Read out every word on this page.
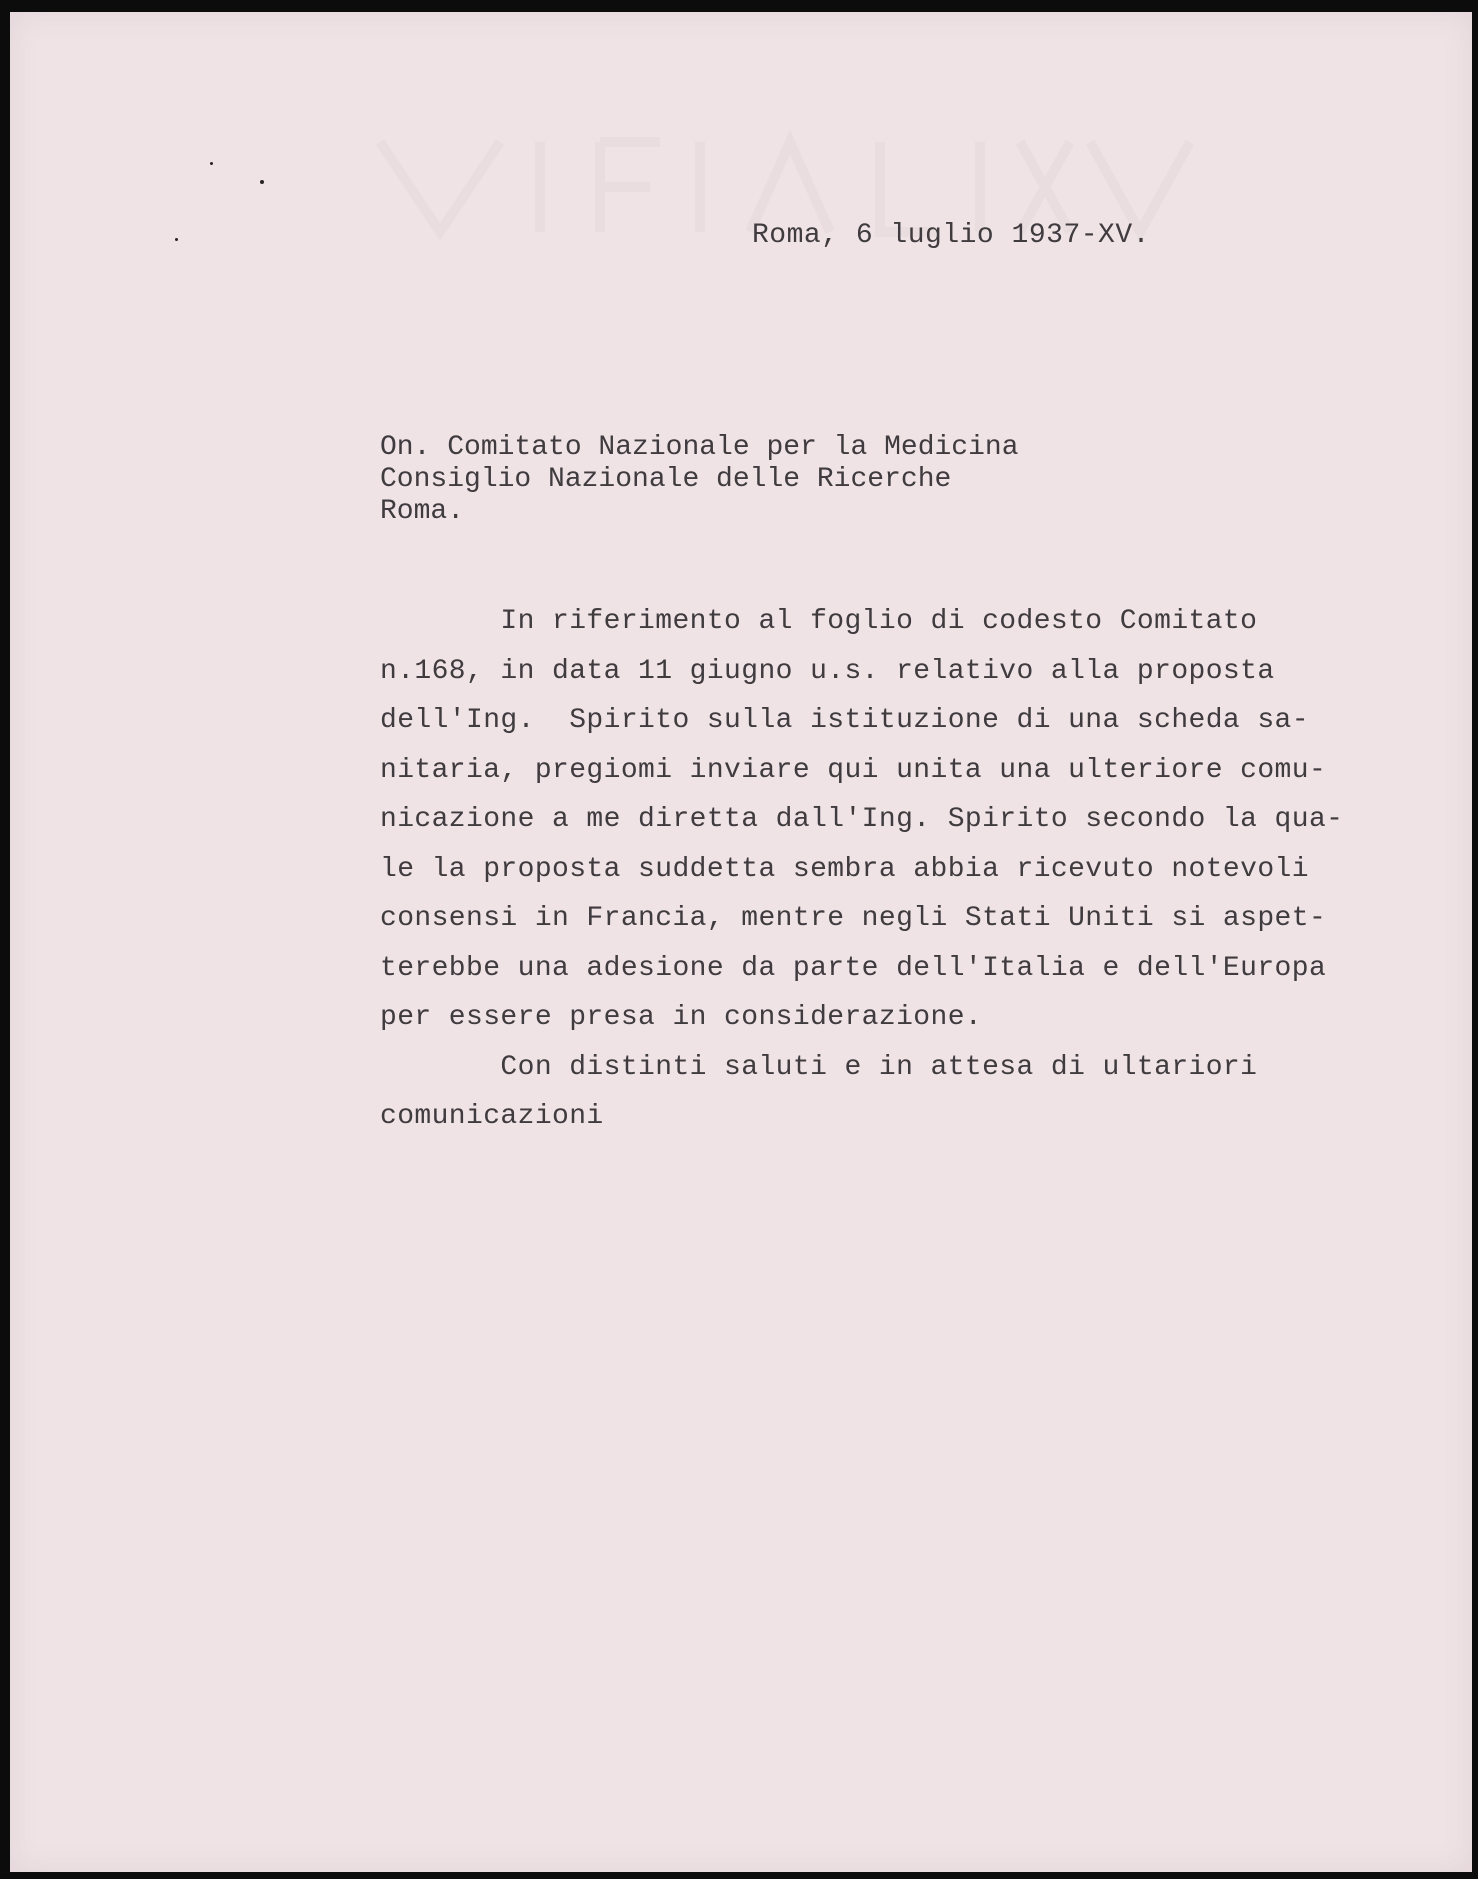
Roma, 6 luglio 1937-XV.

On. Comitato Nazionale per la Medicina

Consiglio Nazionale delle Ricerche

Roma.

In riferimento al foglio di codesto Comitato

n.168, in data 11 giugno u.s. relativo alla proposta

dell'Ing.  Spirito sulla istituzione di una scheda sa-

nitaria, pregiomi inviare qui unita una ulteriore comu-

nicazione a me diretta dall'Ing. Spirito secondo la qua-

le la proposta suddetta sembra abbia ricevuto notevoli

consensi in Francia, mentre negli Stati Uniti si aspet-

terebbe una adesione da parte dell'Italia e dell'Europa

per essere presa in considerazione.

Con distinti saluti e in attesa di ultariori

comunicazioni
